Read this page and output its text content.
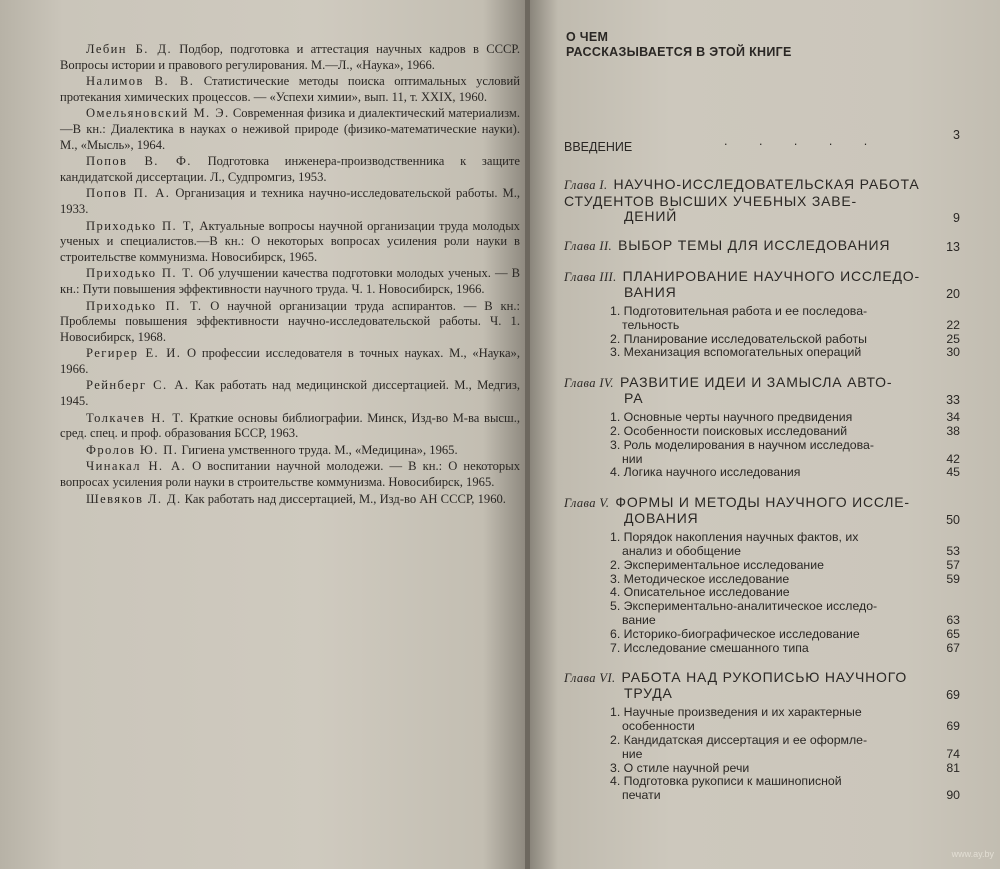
Лебин Б. Д. Подбор, подготовка и аттестация научных кадров в СССР. Вопросы истории и правового регулирования. М.—Л., «Наука», 1966.

Налимов В. В. Статистические методы поиска оптимальных условий протекания химических процессов. — «Успехи химии», вып. 11, т. XXIX, 1960.

Омельяновский М. Э. Современная физика и диалектический материализм.—В кн.: Диалектика в науках о неживой природе (физико-математические науки). М., «Мысль», 1964.

Попов В. Ф. Подготовка инженера-производственника к защите кандидатской диссертации. Л., Судпромгиз, 1953.

Попов П. А. Организация и техника научно-исследовательской работы. М., 1933.

Приходько П. Т, Актуальные вопросы научной организации труда молодых ученых и специалистов.—В кн.: О некоторых вопросах усиления роли науки в строительстве коммунизма. Новосибирск, 1965.

Приходько П. Т. Об улучшении качества подготовки молодых ученых. — В кн.: Пути повышения эффективности научного труда. Ч. 1. Новосибирск, 1966.

Приходько П. Т. О научной организации труда аспирантов. — В кн.: Проблемы повышения эффективности научно-исследовательской работы. Ч. 1. Новосибирск, 1968.

Регирер Е. И. О профессии исследователя в точных науках. М., «Наука», 1966.

Рейнберг С. А. Как работать над медицинской диссертацией. М., Медгиз, 1945.

Толкачев Н. Т. Краткие основы библиографии. Минск, Изд-во М-ва высш., сред. спец. и проф. образования БССР, 1963.

Фролов Ю. П. Гигиена умственного труда. М., «Медицина», 1965.

Чинакал Н. А. О воспитании научной молодежи. — В кн.: О некоторых вопросах усиления роли науки в строительстве коммунизма. Новосибирск, 1965.

Шевяков Л. Д. Как работать над диссертацией, М., Изд-во АН СССР, 1960.

О ЧЕМ
РАССКАЗЫВАЕТСЯ В ЭТОЙ КНИГЕ
ВВЕДЕНИЕ	. . . . .	3
Глава I. НАУЧНО-ИССЛЕДОВАТЕЛЬСКАЯ РАБОТА СТУДЕНТОВ ВЫСШИХ УЧЕБНЫХ ЗАВЕ-
ДЕНИЙ	9
Глава II. ВЫБОР ТЕМЫ ДЛЯ ИССЛЕДОВАНИЯ	13
Глава III. ПЛАНИРОВАНИЕ НАУЧНОГО ИССЛЕДО-
ВАНИЯ	20
1. Подготовительная работа и ее последова-
тельность	22
2. Планирование исследовательской работы	25
3. Механизация вспомогательных операций	30
Глава IV. РАЗВИТИЕ ИДЕИ И ЗАМЫСЛА АВТО-
РА	33
1. Основные черты научного предвидения	34
2. Особенности поисковых исследований	38
3. Роль моделирования в научном исследова-
нии	42
4. Логика научного исследования	45
Глава V. ФОРМЫ И МЕТОДЫ НАУЧНОГО ИССЛЕ-
ДОВАНИЯ	50
1. Порядок накопления научных фактов, их
анализ и обобщение	53
2. Экспериментальное исследование	57
3. Методическое исследование	59
4. Описательное исследование
5. Экспериментально-аналитическое исследо-
вание	63
6. Историко-биографическое исследование	65
7. Исследование смешанного типа	67
Глава VI. РАБОТА НАД РУКОПИСЬЮ НАУЧНОГО
ТРУДА	69
1. Научные произведения и их характерные
особенности	69
2. Кандидатская диссертация и ее оформле-
ние	74
3. О стиле научной речи	81
4. Подготовка рукописи к машинописной
печати	90
www.ay.by
